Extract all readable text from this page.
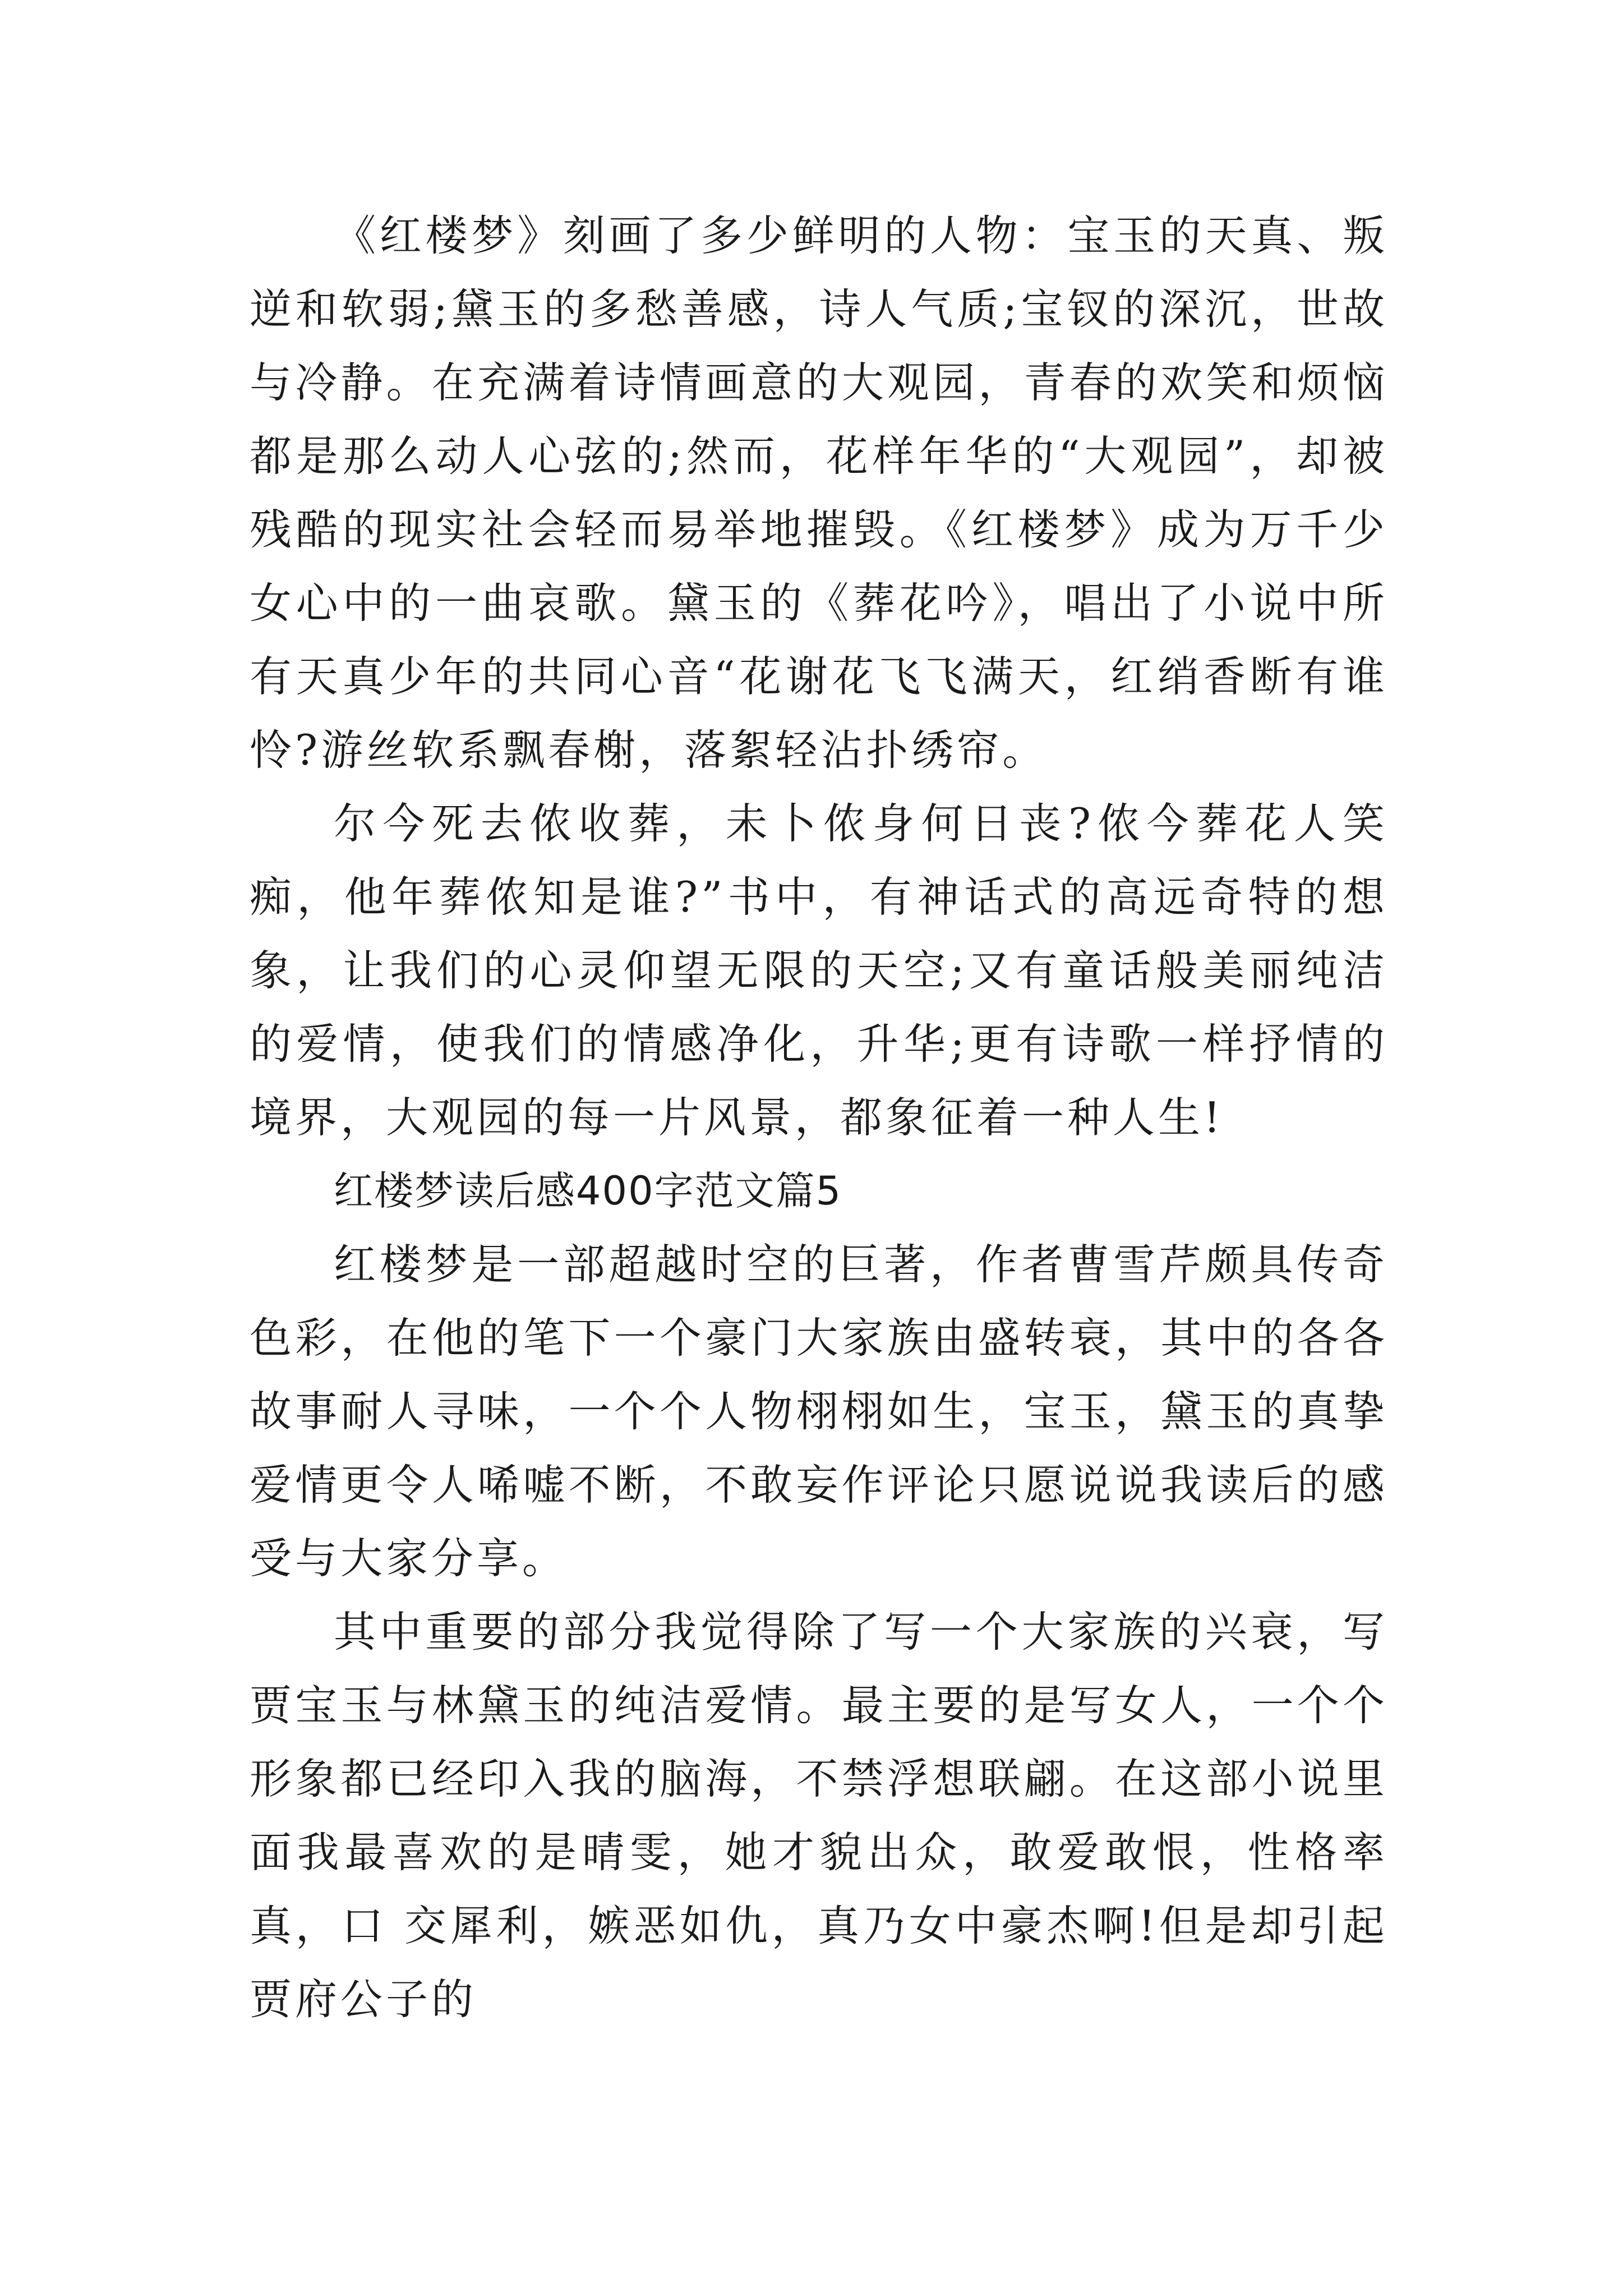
《红楼梦》刻画了多少鲜明的人物：宝玉的天真、叛逆和软弱;黛玉的多愁善感，诗人气质;宝钗的深沉，世故与冷静。在充满着诗情画意的大观园，青春的欢笑和烦恼都是那么动人心弦的;然而，花样年华的“大观园”，却被残酷的现实社会轻而易举地摧毁。《红楼梦》成为万千少女心中的一曲哀歌。黛玉的《葬花吟》，唱出了小说中所有天真少年的共同心音“花谢花飞飞满天，红绡香断有谁怜?游丝软系飘春榭，落絮轻沾扑绣帘。

尔今死去侬收葬，未卜侬身何日丧?侬今葬花人笑痴，他年葬侬知是谁?”书中，有神话式的高远奇特的想象，让我们的心灵仰望无限的天空;又有童话般美丽纯洁的爱情，使我们的情感净化，升华;更有诗歌一样抒情的境界，大观园的每一片风景，都象征着一种人生!

红楼梦读后感400字范文篇5

红楼梦是一部超越时空的巨著，作者曹雪芹颇具传奇色彩，在他的笔下一个豪门大家族由盛转衰，其中的各各故事耐人寻味，一个个人物栩栩如生，宝玉，黛玉的真挚爱情更令人唏嘘不断，不敢妄作评论只愿说说我读后的感受与大家分享。

其中重要的部分我觉得除了写一个大家族的兴衰，写贾宝玉与林黛玉的纯洁爱情。最主要的是写女人，一个个形象都已经印入我的脑海，不禁浮想联翩。在这部小说里面我最喜欢的是晴雯，她才貌出众，敢爱敢恨，性格率真，口 交犀利，嫉恶如仇，真乃女中豪杰啊!但是却引起贾府公子的
